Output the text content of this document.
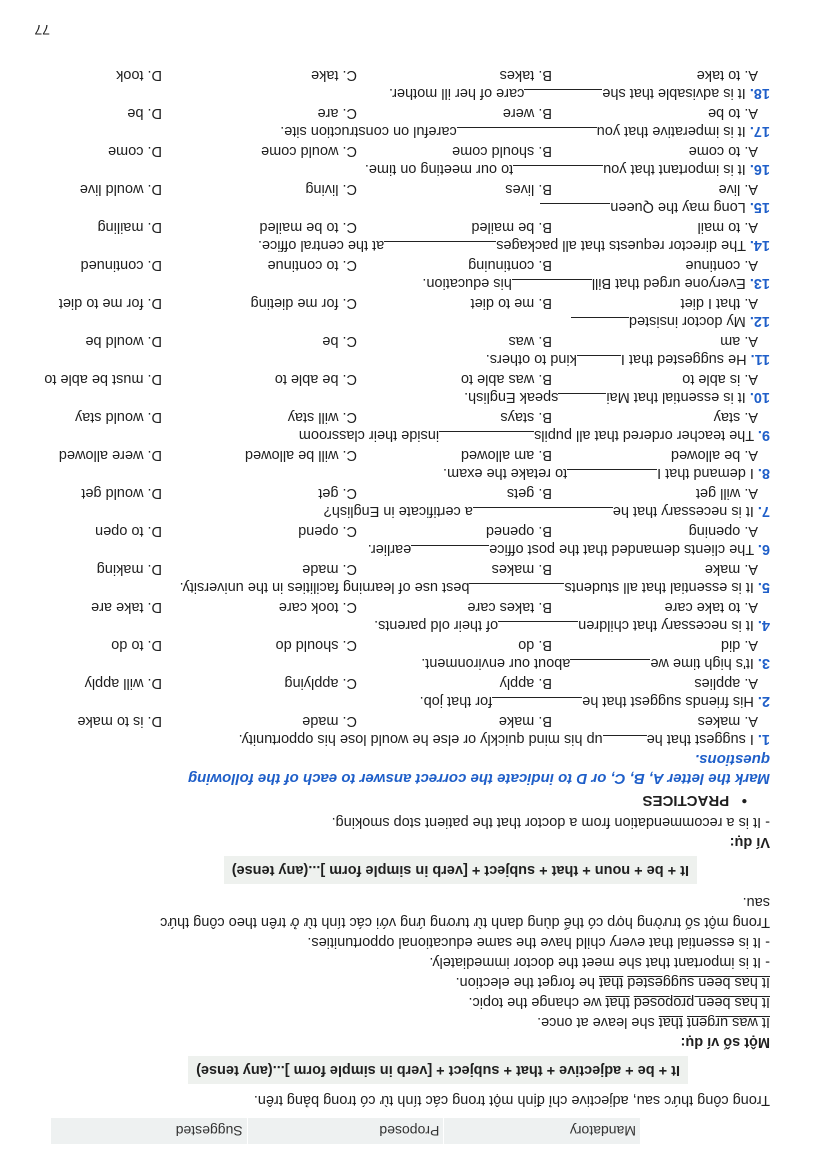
Mandatory
Proposed
Suggested
Trong công thức sau, adjective chỉ định một trong các tính từ có trong bảng trên.
It + be + adjective + that + subject + [verb in simple form ]...(any tense)
Một số ví dụ:
It was urgent that she leave at once.
It has been proposed that we change the topic.
It has been suggested that he forget the election.
- It is important that she meet the doctor immediately.
- It is essential that every child have the same educational opportunities.
Trong một số trường hợp có thể dùng danh từ tương ứng với các tính từ ở trên theo công thức
sau.
It + be + noun + that + subject + [verb in simple form ]...(any tense)
Ví dụ:
- It is a recommendation from a doctor that the patient stop smoking.
•   PRACTICES
Mark the letter A, B, C, or D to indicate the correct answer to each of the following
questions.
1. I suggest that heup his mind quickly or else he would lose his opportunity.
A. makes
B. make
C. made
D. is to make
2. His friends suggest that hefor that job.
A. applies
B. apply
C. applying
D. will apply
3. It's high time weabout our environment.
A. did
B. do
C. should do
D. to do
4. It is necessary that childrenof their old parents.
A. to take care
B. takes care
C. took care
D. take are
5. It is essential that all studentsbest use of learning facilities in the university.
A. make
B. makes
C. made
D. making
6. The clients demanded that the post officeearlier.
A. opening
B. opened
C. opend
D. to open
7. It is necessary that hea certificate in English?
A. will get
B. gets
C. get
D. would get
8. I demand that Ito retake the exam.
A. be allowed
B. am allowed
C. will be allowed
D. were allowed
9. The teacher ordered that all pupilsinside their classroom
A. stay
B. stays
C. will stay
D. would stay
10. It is essential that Maispeak English.
A. is able to
B. was able to
C. be able to
D. must be able to
11. He suggested that Ikind to others.
A. am
B. was
C. be
D. would be
12. My doctor insisted
A. that I diet
B. me to diet
C. for me dieting
D. for me to diet
13. Everyone urged that Billhis education.
A. continue
B. continuing
C. to continue
D. continued
14. The director requests that all packagesat the central office.
A. to mail
B. be mailed
C. to be mailed
D. mailing
15. Long may the Queen
A. live
B. lives
C. living
D. would live
16. It is important that youto our meeting on time.
A. to come
B. should come
C. would come
D. come
17. It is imperative that youcareful on construction site.
A. to be
B. were
C. are
D. be
18. It is advisable that shecare of her ill mother.
A. to take
B. takes
C. take
D. took
77
